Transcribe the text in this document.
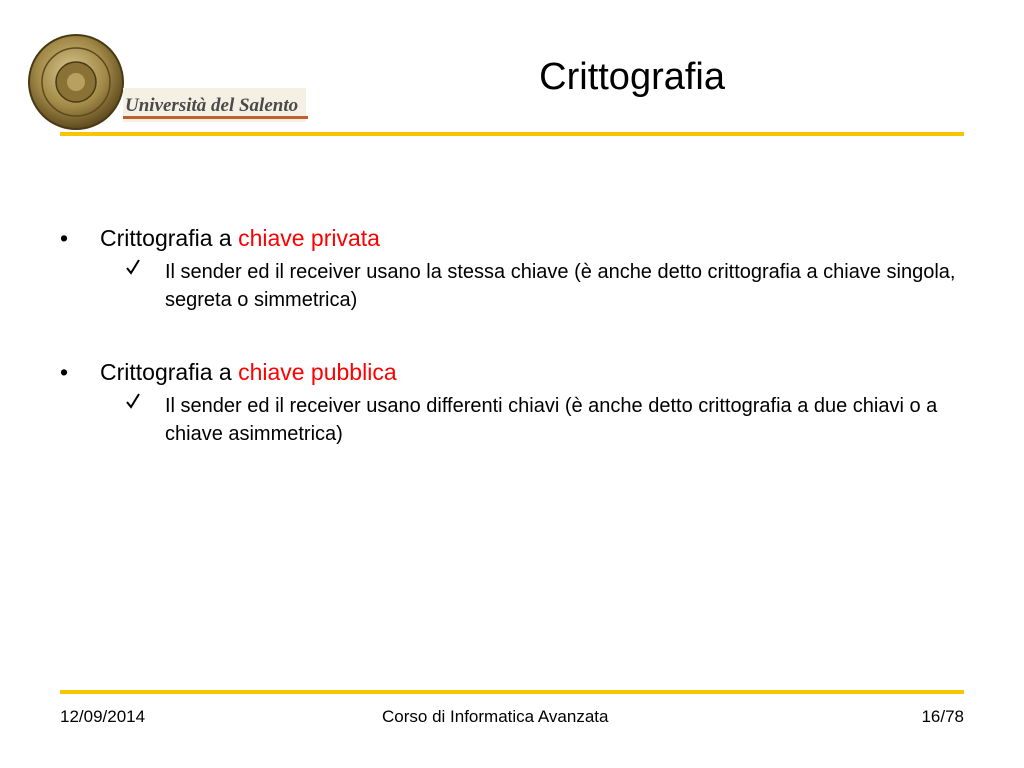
Università del Salento
Crittografia
• Crittografia a chiave privata
Il sender ed il receiver usano la stessa chiave (è anche detto crittografia a chiave singola, segreta o simmetrica)
• Crittografia a chiave pubblica
Il sender ed il receiver usano differenti chiavi (è anche detto crittografia a due chiavi o a chiave asimmetrica)
12/09/2014	Corso di Informatica Avanzata	16/78
